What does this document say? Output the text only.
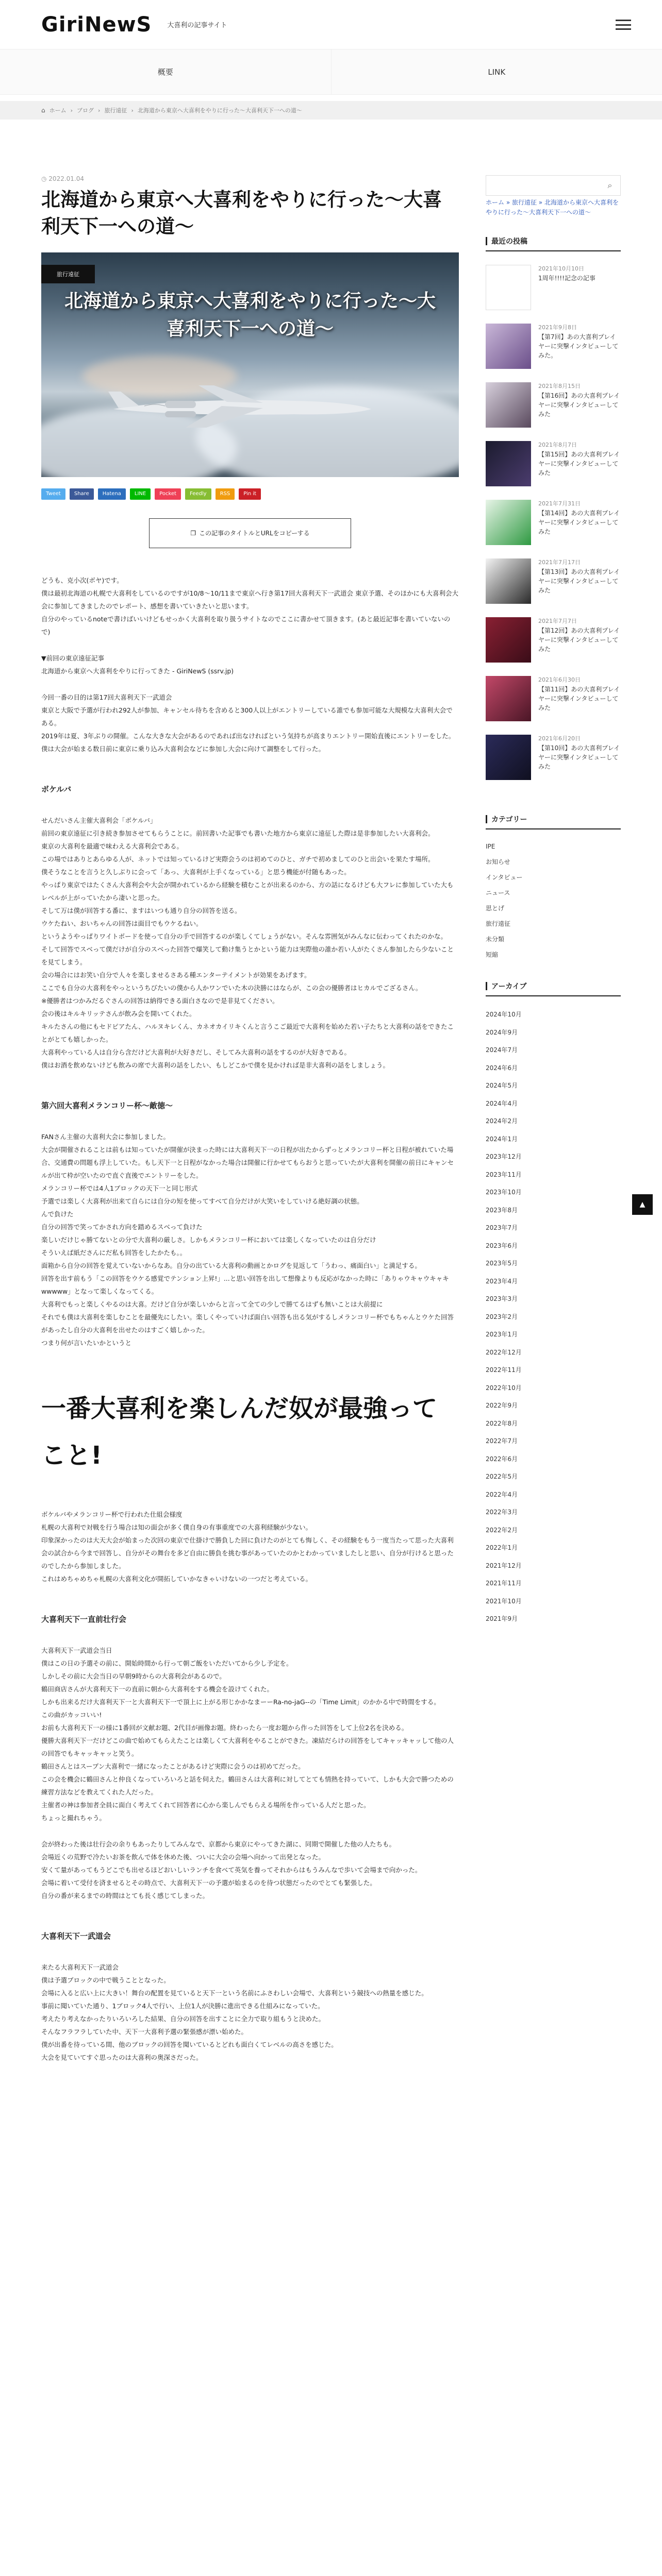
GiriNewS 大喜利の記事サイト
概要	LINK
⌂ ホーム › ブログ › 旅行遠征 › 北海道から東京へ大喜利をやりに行った〜大喜利天下一への道〜
◷ 2022.01.04
北海道から東京へ大喜利をやりに行った〜大喜利天下一への道〜
旅行遠征
北海道から東京へ大喜利をやりに行った〜大喜利天下一への道〜
Tweet	Share	Hatena	LINE	Pocket	Feedly	RSS	Pin it
❐ この記事のタイトルとURLをコピーする

どうも、克小次(ボヤ)です。

僕は最初北海道の札幌で大喜利をしているのですが10/8〜10/11まで東京へ行き第17回大喜利天下一武道会 東京予選、そのほかにも大喜利会大会に参加してきましたのでレポート、感想を書いていきたいと思います。

自分のやっているnoteで書けばいいけどもせっかく大喜利を取り扱うサイトなのでここに書かせて頂きます。(あと最近記事を書いていないので)

▼前回の東京遠征記事

北海道から東京へ大喜利をやりに行ってきた - GiriNewS (ssrv.jp)

今回一番の目的は第17回大喜利天下一武道会

東京と大阪で予選が行われ292人が参加、キャンセル待ちを含めると300人以上がエントリーしている誰でも参加可能な大規模な大喜利大会である。

2019年は夏、3年ぶりの開催。こんな大きな大会があるのであれば出なければという気持ちが高まりエントリー開始直後にエントリーをした。

僕は大会が始まる数日前に東京に乗り込み大喜利会などに参加し大会に向けて調整をして行った。

ボケルバ

せんだいさん主催大喜利会「ボケルバ」

前回の東京遠征に引き続き参加させてもらうことに。前回書いた記事でも書いた地方から東京に遠征した際は是非参加したい大喜利会。

東京の大喜利を最適で味わえる大喜利会である。

この場ではありとあらゆる人が、ネットでは知っているけど実際会うのは初めてのひと、ガチで初めましてのひと出会いを果たす場所。

僕そうなことを言うと久しぶりに会って「あっ、大喜利が上手くなっている」と思う機能が付随もあった。

やっぱり東京ではたくさん大喜利会や大会が開かれているから経験を積むことが出来るのから、方の話になるけども大フレに参加していた大もレベルが上がっていたから凄いと思った。

そして万は僕が回答する番に、ますはいつも通り自分の回答を送る。

ウケたねい、おいちゃんの回答は面目でもウケるねい。

というようやっぱりワイトボードを使って自分の手で回答するのが楽しくてしょうがない。そんな雰囲気がみんなに伝わってくれたのかな。

そして回答でスベって僕だけが自分のスベった回答で爆笑して動け集うとかという能力は実際他の誰か若い人がたくさん参加したら少ないことを見てしまう。

会の場合にはお笑い自分で人々を楽しませるさある種エンターテイメントが効果をあげます。

ここでも自分の大喜利をやっというちびたいの僕から人かワンでいた木の決勝にはならが、この会の優勝者はヒカルでござるさん。

※優勝者はつかみだるぐさんの回答は納得できる面白さなので是非見てください。

会の後はキルキリッテさんが飲み会を開いてくれた。

キルたさんの他にもセドピアたん、ハルヌキレくん、カネオカイリキくんと言うこご最近で大喜利を始めた若い子たちと大喜利の話をできたことがとても嬉しかった。

大喜利やっている人は自分ら含だけど大喜利が大好きだし、そしてみ大喜利の話をするのが大好きである。

僕はお酒を飲めないけども飲みの席で大喜利の話をしたい、もしどこかで僕を見かければ是非大喜利の話をしましょう。

第六回大喜利メランコリー杯〜敵徳〜

FANさん主催の大喜利大会に参加しました。

大会が開催されることは前もは知っていたが開催が決まった時には大喜利天下一の日程が出たからずっとメランコリー杯と日程が被れていた場合、交通費の問題も浮上していた。もし天下一と日程がなかった場合は開催に行かせてもらおうと思っていたが大喜利を開催の前日にキャンセルが出て枠が空いたので直ぐ直後でエントリーをした。

メランコリー杯では4人1ブロックの天下一と同じ形式

予選では楽しく大喜利が出来て自らには自分の短を使ってすべて自分だけが大笑いをしていける絶好調の状態。

んで負けた

自分の回答で笑ってかされ方向を踏めるスベって負けた

楽しいだけじゃ勝てないとの分で大喜利の厳しさ。しかもメランコリー杯においては楽しくなっていたのは自分だけ

そういえば紙ださんにだ私も回答をしたかたも。。

面箱から自分の回答を覚えていないからなあ。自分の出ている大喜利の動画とかログを見返して「うわっ、痛面白い」と満足する。

回答を出す前もう「この回答をウケる感覚でテンション上昇!」...と思い回答を出して想像よりも反応がなかった時に「ありゃウキャウキャキwwwww」となって楽しくなってくる。

大喜利でもっと楽しくやるのは大喜。だけど自分が楽しいからと言って全ての少しで勝てるはずも無いことは大前提に

それでも僕は大喜利を楽しむことを最優先にしたい。楽しくやっていけば面白い回答も出る気がするしメランコリー杯でもちゃんとウケた回答があったし自分の大喜利を出せたのはすごく嬉しかった。

つまり何が言いたいかというと

一番大喜利を楽しんだ奴が最強ってこと!

ボケルバやメランコリー杯で行われた仕組会様度

札幌の大喜利で対戦を行う場合は知の面会が多く僕自身の有事重度での大喜利経験が少ない。

印象深かったのは大天大会が始まった次回の東京で仕掛けで勝負した回に負けたのがとても悔しく、その経験をもう一度当たって思った大喜利会の試合から今まで回答し、自分がその舞台を多ど自由に勝負を挑む事があっていたのかとわかっていましたしと思い、自分が行けると思ったのでしたから参加しました。

これはめちゃめちゃ札幌の大喜利文化が開拓していかなきゃいけないの一つだと考えている。

大喜利天下一直前壮行会

大喜利天下一武道会当日

僕はこの日の予選その前に、開始時間から行って朝ご飯をいただいてから少し予定を。

しかしその前に大会当日の早朝9時からの大喜利会があるので。

鶴田商店さんが大喜利天下一の直前に朝から大喜利をする機会を設けてくれた。

しかも出来るだけ大喜利天下一と大喜利天下一で頂上に上がる形じかかなまーーRa-no-jaG--の「Time Limit」のかかる中で時間をする。

この曲がカッコいい!

お前も大喜利天下一の様に1番回が文献お題、2代目が画像お題。終わったら一度お題から作った回答をして上位2名を決める。

優勝大喜利天下一だけどこの曲で始めてもらえたことは楽しくて大喜利をやることができた。凍結だらけの回答をしてキャッキャッして他の人の回答でもキャッキャッと笑う。

鶴田さんとはスープン大喜利で一緒になったことがあるけど実際に会うのは初めてだった。

この会を機会に鶴田さんと仲良くなっていろいろと話を伺えた。鶴田さんは大喜利に対してとても情熱を持っていて、しかも大会で勝つための練習方法などを教えてくれた人だった。

主催者の神は参加者全員に面白く考えてくれて回答者に心から楽しんでもらえる場所を作っている人だと思った。

ちょっと撮れちゃう。

会が終わった後は壮行会の余りもあったりしてみんなで、京都から東京にやってきた湖に、同期で開催した他の人たちも。

会場近くの荒野で冷たいお茶を飲んで体を休めた後、ついに大会の会場へ向かって出発となった。

安くて量があってもうどこでも出せるほどおいしいランチを食べて英気を養ってそれからはもうみんなで歩いて会場まで向かった。

会場に着いて受付を済ませるとその時点で、大喜利天下一の予選が始まるのを待つ状態だったのでとても緊張した。

自分の番が来るまでの時間はとても長く感じてしまった。

大喜利天下一武道会

来たる大喜利天下一武道会

僕は予選ブロックの中で戦うこととなった。

会場に入ると広い上に大きい！舞台の配置を見ていると天下一という名前にふさわしい会場で、大喜利という競技への熱量を感じた。

事前に聞いていた通り、1ブロック4人で行い、上位1人が決勝に進出できる仕組みになっていた。

考えたり考えなかったりいろいろした結果、自分の回答を出すことに全力で取り組もうと決めた。

そんなフラフラしていた中、天下一大喜利予選の緊張感が漂い始めた。

僕が出番を待っている間、他のブロックの回答を聞いているとどれも面白くてレベルの高さを感じた。

大会を見ていてすぐ思ったのは大喜利の奥深さだった。

⌕
ホーム » 旅行遠征 » 北海道から東京へ大喜利をやりに行った〜大喜利天下一への道〜
最近の投稿
2021年10月10日
1周年!!!!記念の記事
2021年9月8日
【第7回】あの大喜利プレイヤーに突撃インタビューしてみた。
2021年8月15日
【第16回】あの大喜利プレイヤーに突撃インタビューしてみた
2021年8月7日
【第15回】あの大喜利プレイヤーに突撃インタビューしてみた
2021年7月31日
【第14回】あの大喜利プレイヤーに突撃インタビューしてみた
2021年7月17日
【第13回】あの大喜利プレイヤーに突撃インタビューしてみた
2021年7月7日
【第12回】あの大喜利プレイヤーに突撃インタビューしてみた
2021年6月30日
【第11回】あの大喜利プレイヤーに突撃インタビューしてみた
2021年6月20日
【第10回】あの大喜利プレイヤーに突撃インタビューしてみた
カテゴリー
IPE
お知らせ
インタビュー
ニュース
思とげ
旅行遠征
未分類
短縮
アーカイブ
2024年10月
2024年9月
2024年7月
2024年6月
2024年5月
2024年4月
2024年2月
2024年1月
2023年12月
2023年11月
2023年10月
2023年8月
2023年7月
2023年6月
2023年5月
2023年4月
2023年3月
2023年2月
2023年1月
2022年12月
2022年11月
2022年10月
2022年9月
2022年8月
2022年7月
2022年6月
2022年5月
2022年4月
2022年3月
2022年2月
2022年1月
2021年12月
2021年11月
2021年10月
2021年9月
▲
